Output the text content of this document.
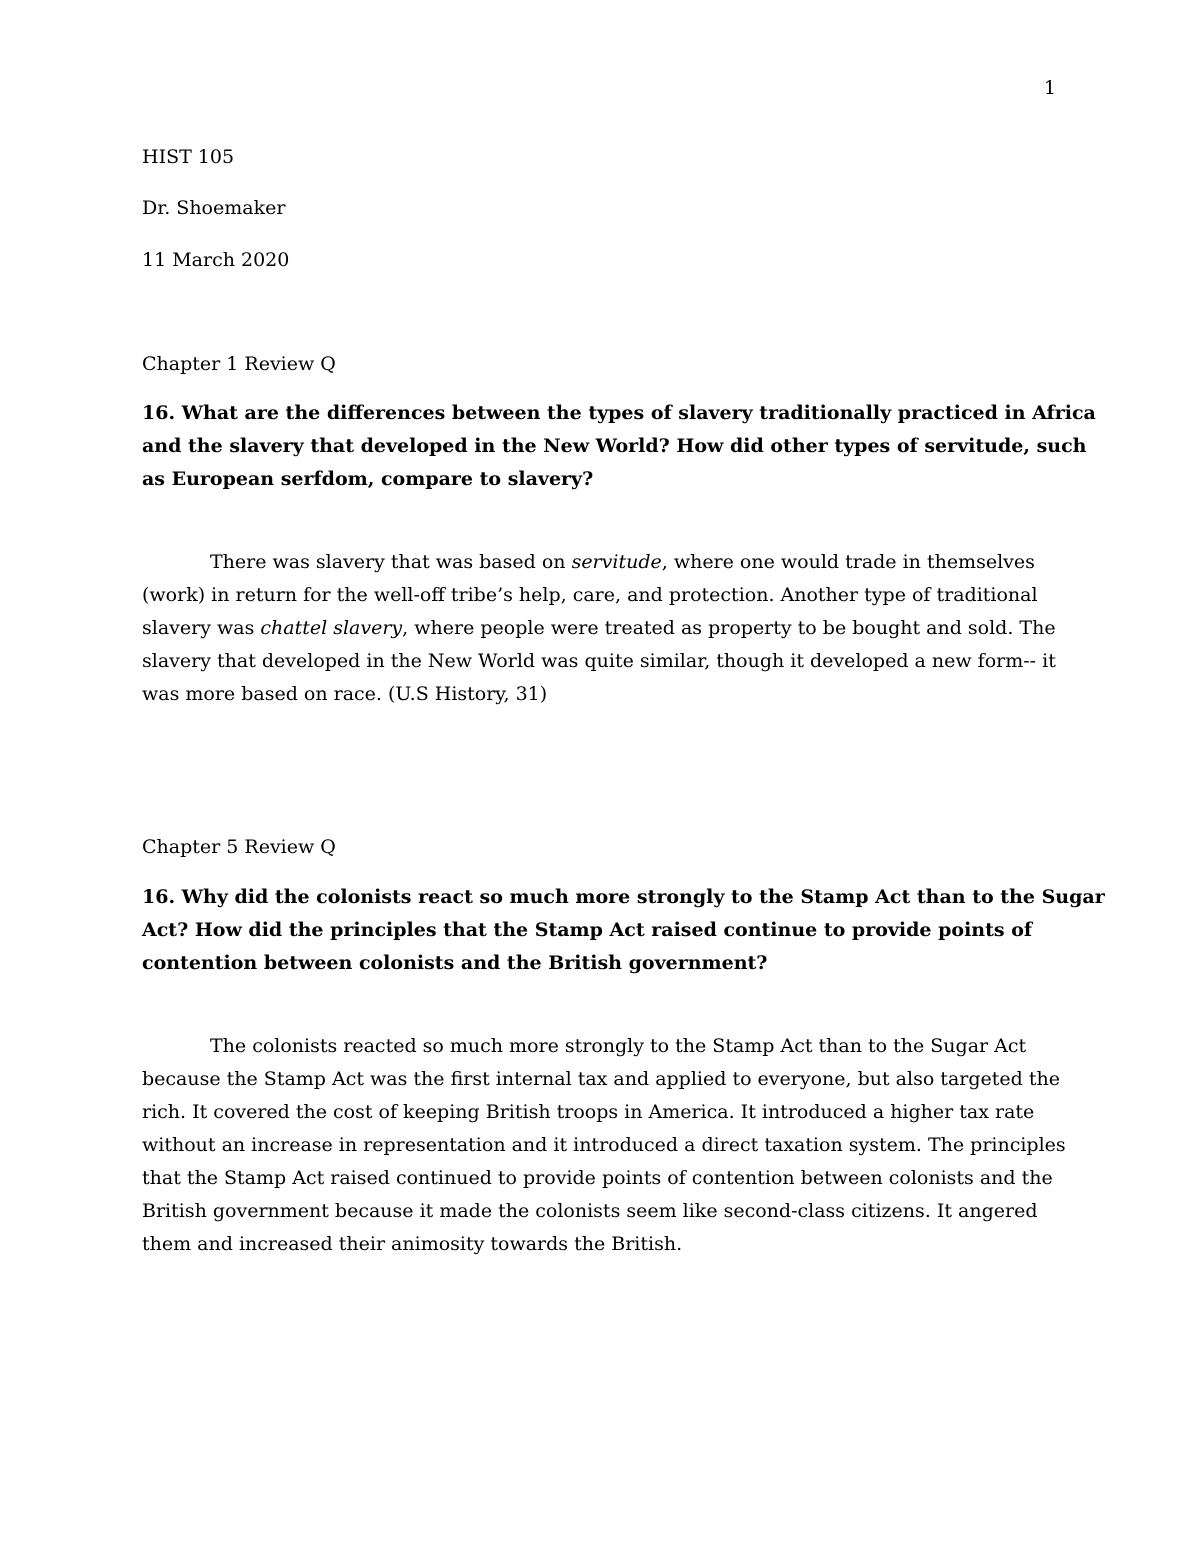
1
HIST 105
Dr. Shoemaker
11 March 2020
Chapter 1 Review Q
16. What are the differences between the types of slavery traditionally practiced in Africa
and the slavery that developed in the New World? How did other types of servitude, such
as European serfdom, compare to slavery?
There was slavery that was based on servitude, where one would trade in themselves
(work) in return for the well-off tribe’s help, care, and protection. Another type of traditional
slavery was chattel slavery, where people were treated as property to be bought and sold. The
slavery that developed in the New World was quite similar, though it developed a new form-- it
was more based on race. (U.S History, 31)
Chapter 5 Review Q
16. Why did the colonists react so much more strongly to the Stamp Act than to the Sugar
Act? How did the principles that the Stamp Act raised continue to provide points of
contention between colonists and the British government?
The colonists reacted so much more strongly to the Stamp Act than to the Sugar Act
because the Stamp Act was the first internal tax and applied to everyone, but also targeted the
rich. It covered the cost of keeping British troops in America. It introduced a higher tax rate
without an increase in representation and it introduced a direct taxation system. The principles
that the Stamp Act raised continued to provide points of contention between colonists and the
British government because it made the colonists seem like second-class citizens. It angered
them and increased their animosity towards the British.
